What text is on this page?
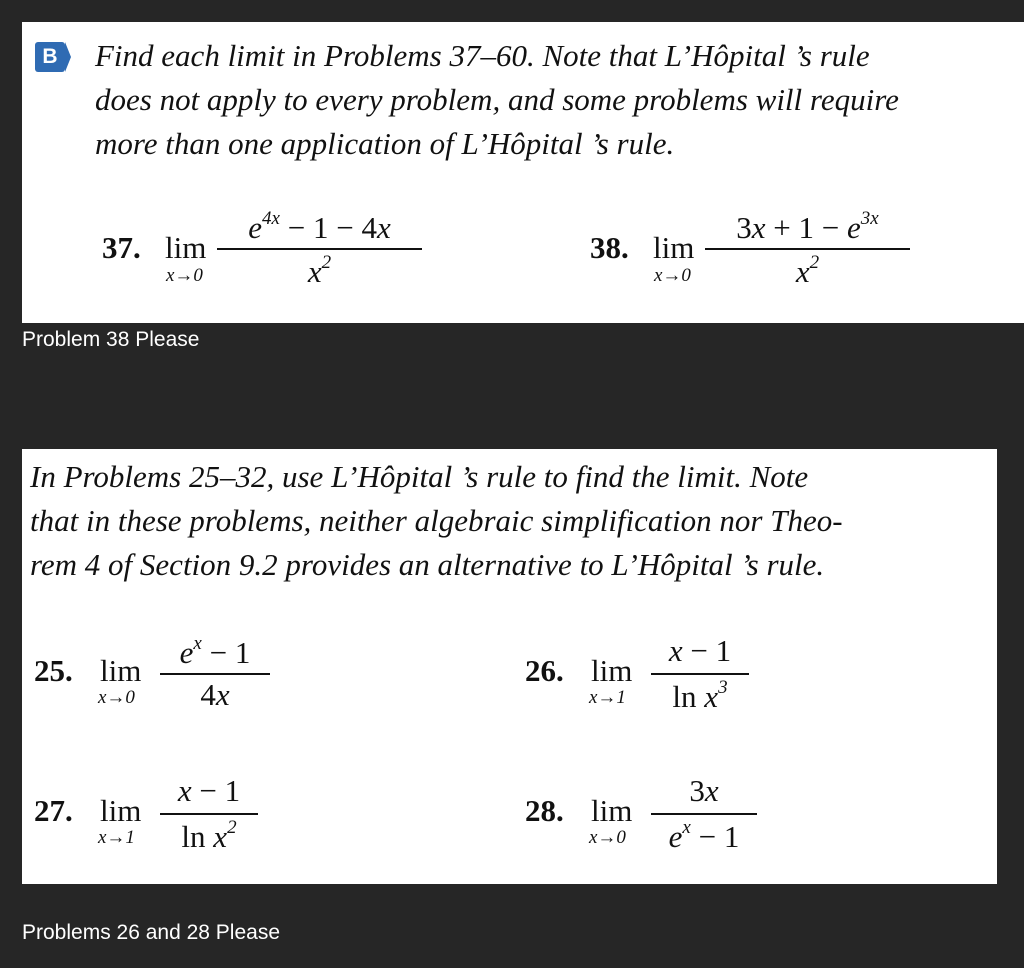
B Find each limit in Problems 37–60. Note that L’Hôpital ’s rule
does not apply to every problem, and some problems will require
more than one application of L’Hôpital ’s rule.
37. lim
x→0
$e^{4x} - 1 - 4x$
$x^2$	38. lim
x→0
$3x + 1 - e^{3x}$
$x^2$
Problem 38 Please
In Problems 25–32, use L’Hôpital ’s rule to find the limit. Note
that in these problems, neither algebraic simplification nor Theo-
rem 4 of Section 9.2 provides an alternative to L’Hôpital ’s rule.
25. lim
x→0
$e^x - 1$
4x
26. lim
x→1
x − 1
$\ln x^3$
27. lim
x→1
x − 1
$\ln x^2$	28. lim
x→0
3x
$e^x - 1$
Problems 26 and 28 Please
